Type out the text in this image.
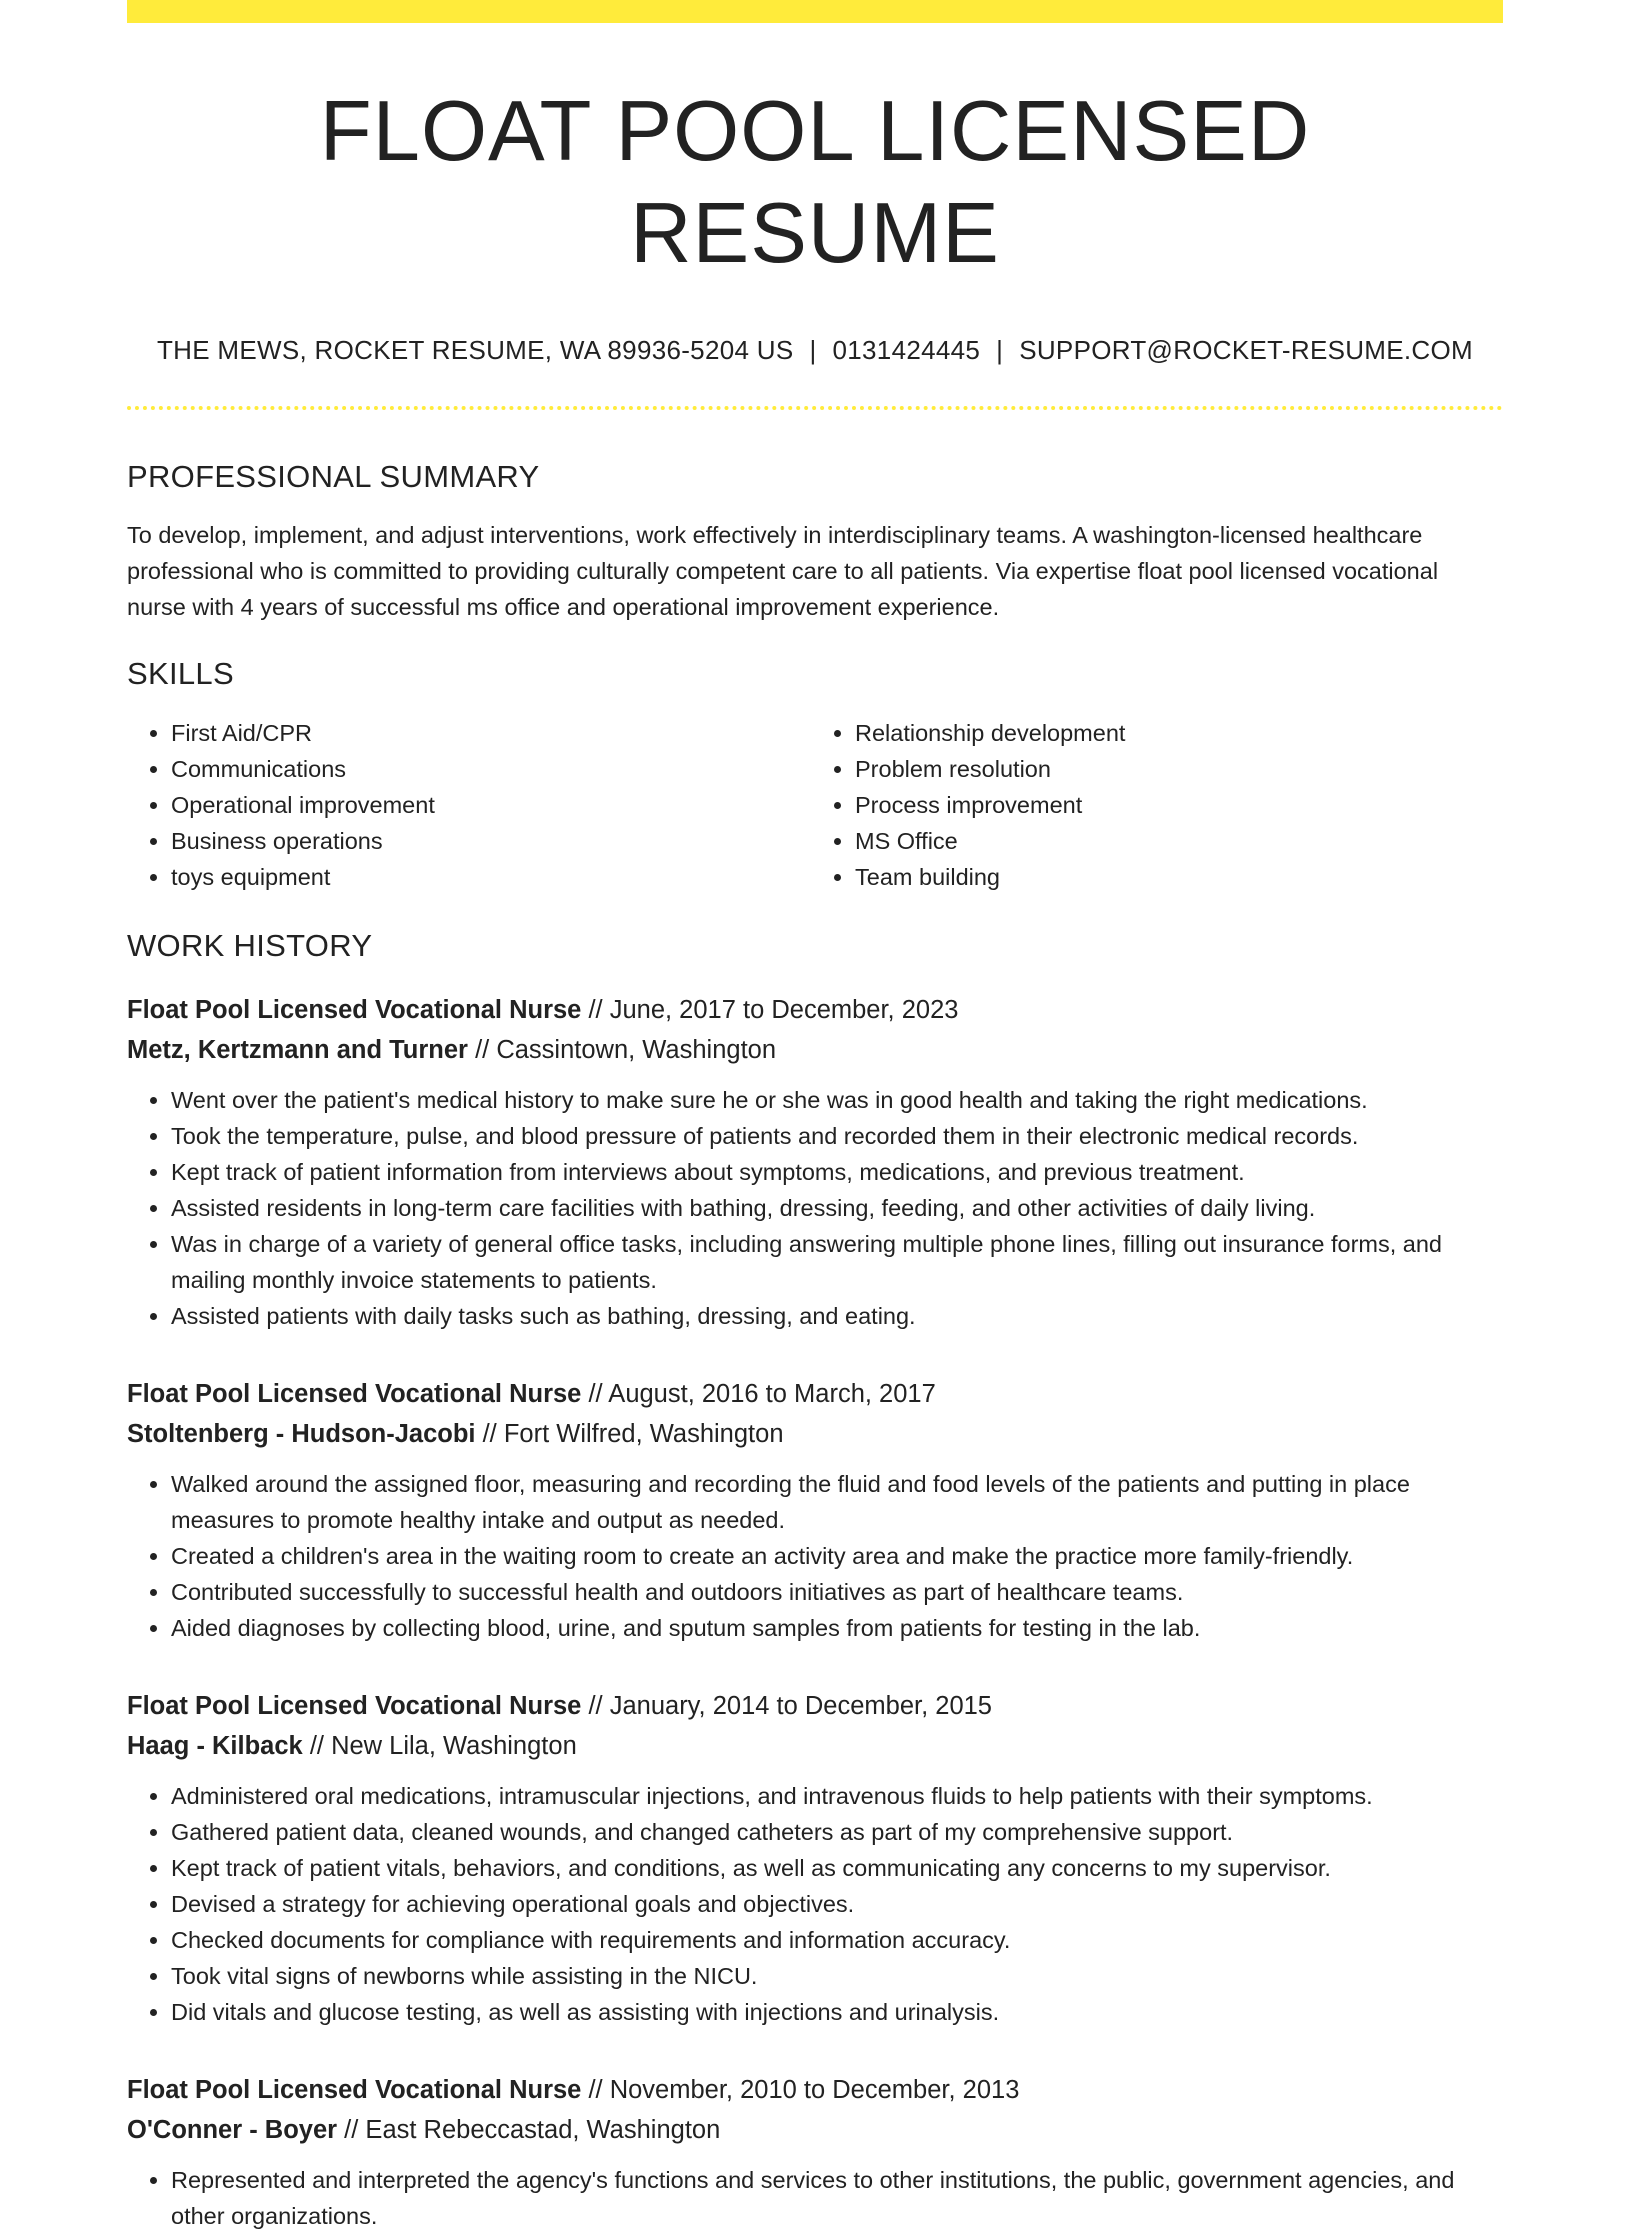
FLOAT POOL LICENSED RESUME
THE MEWS, ROCKET RESUME, WA 89936-5204 US | 0131424445 | SUPPORT@ROCKET-RESUME.COM
PROFESSIONAL SUMMARY

To develop, implement, and adjust interventions, work effectively in interdisciplinary teams. A washington-licensed healthcare professional who is committed to providing culturally competent care to all patients. Via expertise float pool licensed vocational nurse with 4 years of successful ms office and operational improvement experience.

SKILLS
• First Aid/CPR
• Communications
• Operational improvement
• Business operations
• toys equipment
• Relationship development
• Problem resolution
• Process improvement
• MS Office
• Team building
WORK HISTORY
Float Pool Licensed Vocational Nurse // June, 2017 to December, 2023
Metz, Kertzmann and Turner // Cassintown, Washington
• Went over the patient's medical history to make sure he or she was in good health and taking the right medications.
• Took the temperature, pulse, and blood pressure of patients and recorded them in their electronic medical records.
• Kept track of patient information from interviews about symptoms, medications, and previous treatment.
• Assisted residents in long-term care facilities with bathing, dressing, feeding, and other activities of daily living.
• Was in charge of a variety of general office tasks, including answering multiple phone lines, filling out insurance forms, and mailing monthly invoice statements to patients.
• Assisted patients with daily tasks such as bathing, dressing, and eating.
Float Pool Licensed Vocational Nurse // August, 2016 to March, 2017
Stoltenberg - Hudson-Jacobi // Fort Wilfred, Washington
• Walked around the assigned floor, measuring and recording the fluid and food levels of the patients and putting in place measures to promote healthy intake and output as needed.
• Created a children's area in the waiting room to create an activity area and make the practice more family-friendly.
• Contributed successfully to successful health and outdoors initiatives as part of healthcare teams.
• Aided diagnoses by collecting blood, urine, and sputum samples from patients for testing in the lab.
Float Pool Licensed Vocational Nurse // January, 2014 to December, 2015
Haag - Kilback // New Lila, Washington
• Administered oral medications, intramuscular injections, and intravenous fluids to help patients with their symptoms.
• Gathered patient data, cleaned wounds, and changed catheters as part of my comprehensive support.
• Kept track of patient vitals, behaviors, and conditions, as well as communicating any concerns to my supervisor.
• Devised a strategy for achieving operational goals and objectives.
• Checked documents for compliance with requirements and information accuracy.
• Took vital signs of newborns while assisting in the NICU.
• Did vitals and glucose testing, as well as assisting with injections and urinalysis.
Float Pool Licensed Vocational Nurse // November, 2010 to December, 2013
O'Conner - Boyer // East Rebeccastad, Washington
• Represented and interpreted the agency's functions and services to other institutions, the public, government agencies, and other organizations.
